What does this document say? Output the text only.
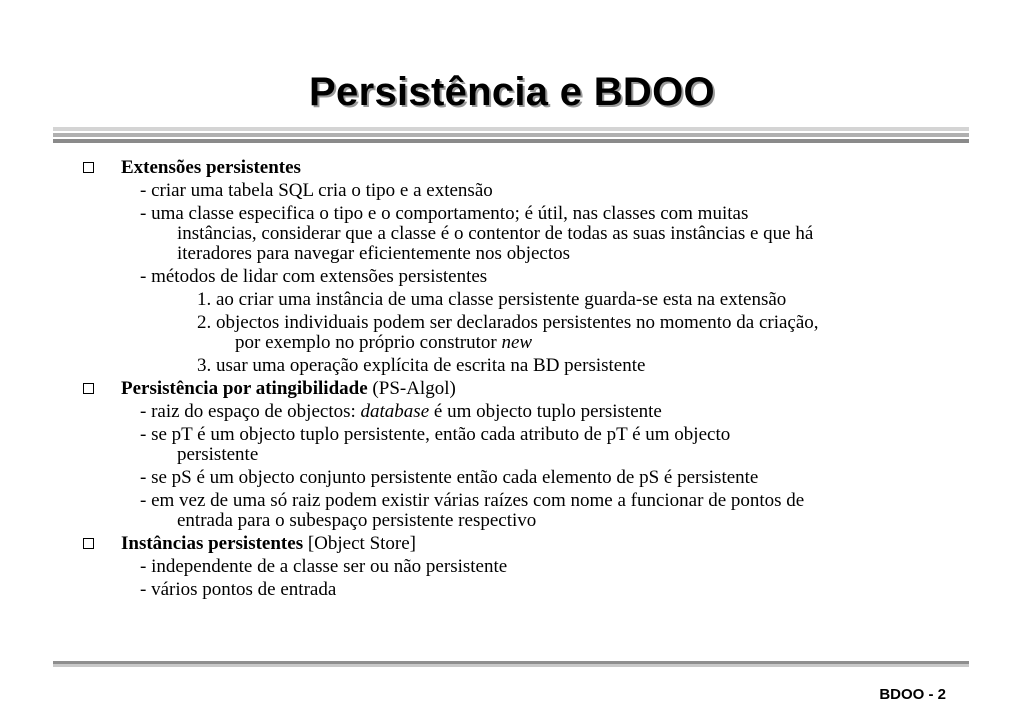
Persistência e BDOO
Extensões persistentes
- criar uma tabela SQL cria o tipo e a extensão
- uma classe especifica o tipo e o comportamento; é útil, nas classes com muitas
instâncias, considerar que a classe é o contentor de todas as suas instâncias e que há
iteradores para navegar eficientemente nos objectos
- métodos de lidar com extensões persistentes
1. ao criar uma instância de uma classe persistente guarda-se esta na extensão
2. objectos individuais podem ser declarados persistentes no momento da criação,
por exemplo no próprio construtor new
3. usar uma operação explícita de escrita na BD persistente
Persistência por atingibilidade (PS-Algol)
- raiz do espaço de objectos: database é um objecto tuplo persistente
- se pT é um objecto tuplo persistente, então cada atributo de pT é um objecto
persistente
- se pS é um objecto conjunto persistente então cada elemento de pS é persistente
- em vez de uma só raiz podem existir várias raízes com nome a funcionar de pontos de
entrada para o subespaço persistente respectivo
Instâncias persistentes [Object Store]
- independente de a classe ser ou não persistente
- vários pontos de entrada
BDOO - 2
